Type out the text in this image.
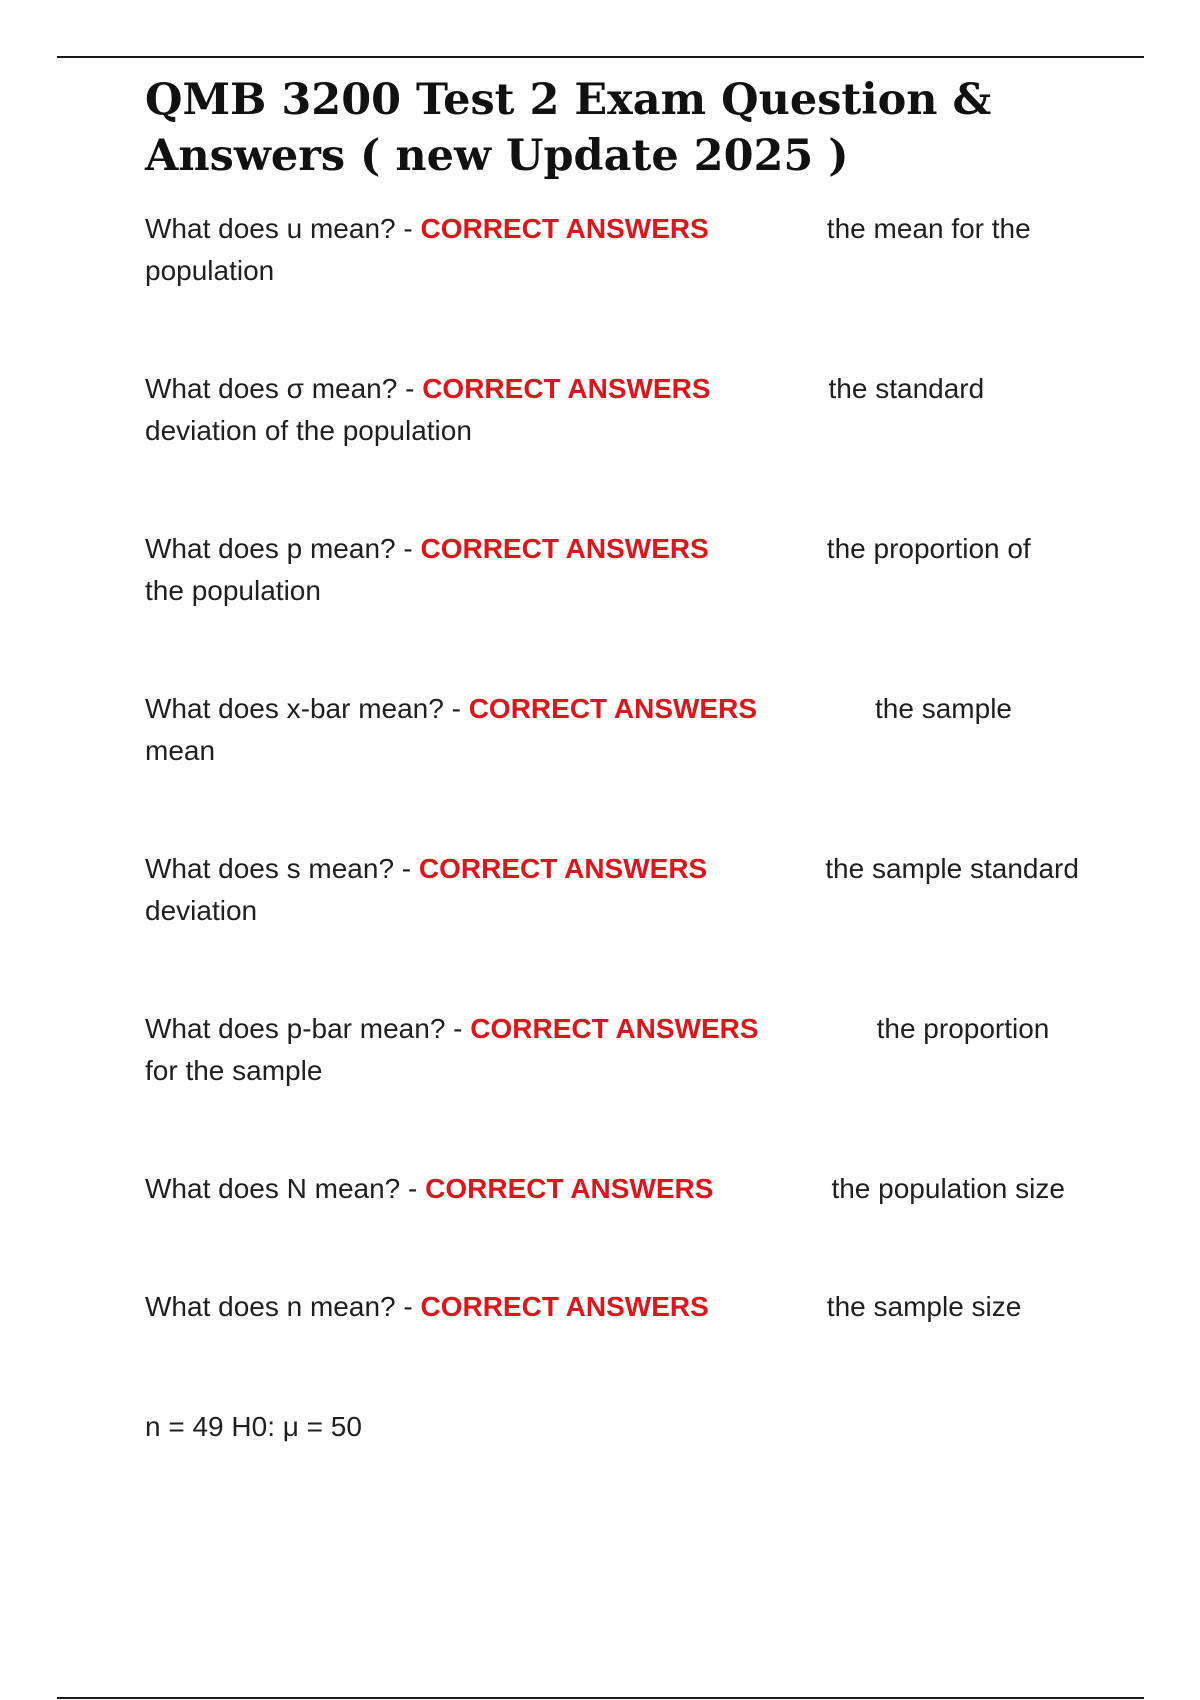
QMB 3200 Test 2 Exam Question & Answers ( new Update 2025 )

What does u mean? - CORRECT ANSWERS	the mean for the
population

What does σ mean? - CORRECT ANSWERS	the standard
deviation of the population

What does p mean? - CORRECT ANSWERS	the proportion of
the population

What does x-bar mean? - CORRECT ANSWERS	the sample
mean

What does s mean? - CORRECT ANSWERS	the sample standard
deviation

What does p-bar mean? - CORRECT ANSWERS	the proportion
for the sample

What does N mean? - CORRECT ANSWERS	the population size

What does n mean? - CORRECT ANSWERS	the sample size

n = 49 H0: μ = 50
